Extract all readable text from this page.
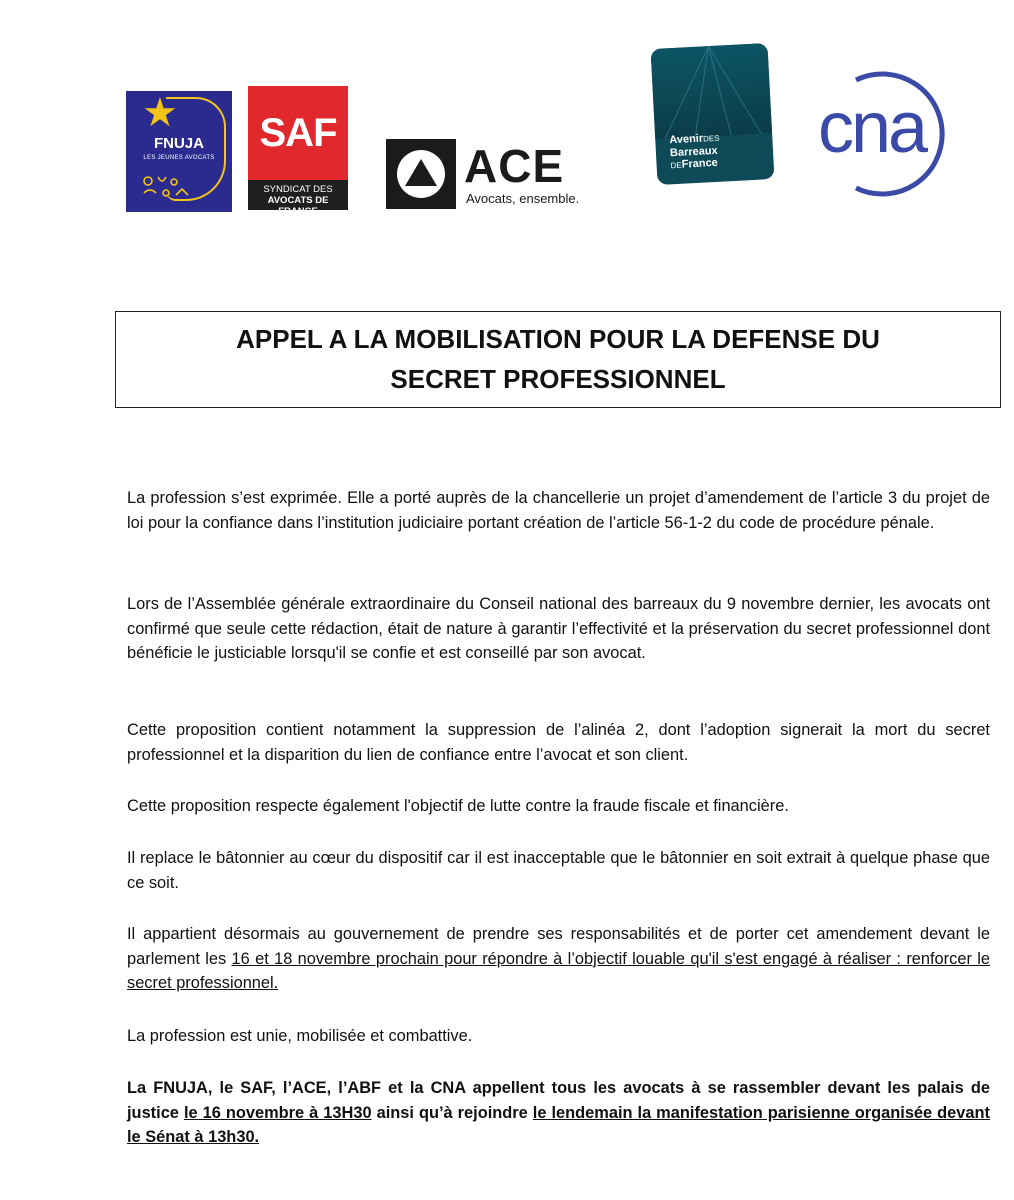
★
FNUJA
LES JEUNES AVOCATS
SAF
SYNDICAT DES
AVOCATS DE FRANCE
ACE
Avocats, ensemble.
AvenirDES
Barreaux
DEFrance cna
APPEL A LA MOBILISATION POUR LA DEFENSE DU
SECRET PROFESSIONNEL

La profession s’est exprimée. Elle a porté auprès de la chancellerie un projet d’amendement de l’article 3 du projet de loi pour la confiance dans l’institution judiciaire portant création de l’article 56-1-2 du code de procédure pénale.

Lors de l’Assemblée générale extraordinaire du Conseil national des barreaux du 9 novembre dernier, les avocats ont confirmé que seule cette rédaction, était de nature à garantir l’effectivité et la préservation du secret professionnel dont bénéficie le justiciable lorsqu'il se confie et est conseillé par son avocat.

Cette proposition contient notamment la suppression de l’alinéa 2, dont l’adoption signerait la mort du secret professionnel et la disparition du lien de confiance entre l’avocat et son client.

Cette proposition respecte également l'objectif de lutte contre la fraude fiscale et financière.

Il replace le bâtonnier au cœur du dispositif car il est inacceptable que le bâtonnier en soit extrait à quelque phase que ce soit.

Il appartient désormais au gouvernement de prendre ses responsabilités et de porter cet amendement devant le parlement les 16 et 18 novembre prochain pour répondre à l’objectif louable qu'il s'est engagé à réaliser : renforcer le secret professionnel.

La profession est unie, mobilisée et combattive.

La FNUJA, le SAF, l’ACE, l’ABF et la CNA appellent tous les avocats à se rassembler devant les palais de justice le 16 novembre à 13H30 ainsi qu’à rejoindre le lendemain la manifestation parisienne organisée devant le Sénat à 13h30.
